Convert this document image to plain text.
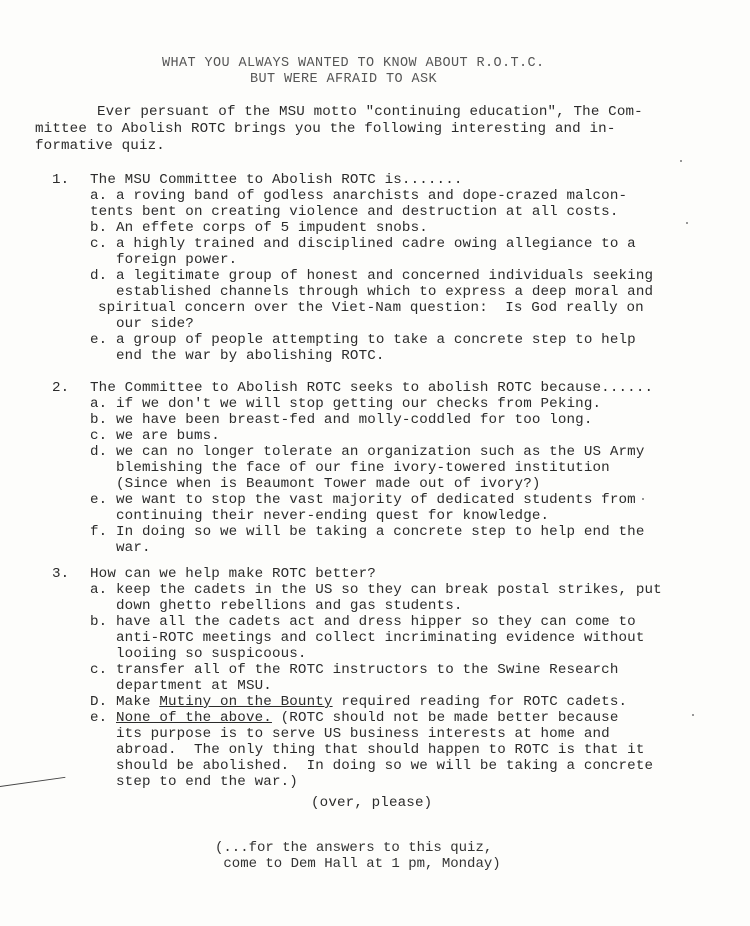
WHAT YOU ALWAYS WANTED TO KNOW ABOUT R.O.T.C.
BUT WERE AFRAID TO ASK
Ever persuant of the MSU motto "continuing education", The Com-
mittee to Abolish ROTC brings you the following interesting and in-
formative quiz.
1. The MSU Committee to Abolish ROTC is.......
a. a roving band of godless anarchists and dope-crazed malcon-
tents bent on creating violence and destruction at all costs.
b. An effete corps of 5 impudent snobs.
c. a highly trained and disciplined cadre owing allegiance to a
foreign power.
d. a legitimate group of honest and concerned individuals seeking
established channels through which to express a deep moral and
spiritual concern over the Viet-Nam question:  Is God really on
our side?
e. a group of people attempting to take a concrete step to help
end the war by abolishing ROTC.
2. The Committee to Abolish ROTC seeks to abolish ROTC because......
a. if we don't we will stop getting our checks from Peking.
b. we have been breast-fed and molly-coddled for too long.
c. we are bums.
d. we can no longer tolerate an organization such as the US Army
blemishing the face of our fine ivory-towered institution
(Since when is Beaumont Tower made out of ivory?)
e. we want to stop the vast majority of dedicated students from
continuing their never-ending quest for knowledge.
f. In doing so we will be taking a concrete step to help end the
war.
3. How can we help make ROTC better?
a. keep the cadets in the US so they can break postal strikes, put
down ghetto rebellions and gas students.
b. have all the cadets act and dress hipper so they can come to
anti-ROTC meetings and collect incriminating evidence without
looiing so suspicoous.
c. transfer all of the ROTC instructors to the Swine Research
department at MSU.
D. Make Mutiny on the Bounty required reading for ROTC cadets.
e. None of the above. (ROTC should not be made better because
its purpose is to serve US business interests at home and
abroad.  The only thing that should happen to ROTC is that it
should be abolished.  In doing so we will be taking a concrete
step to end the war.)
(over, please)
(...for the answers to this quiz,
come to Dem Hall at 1 pm, Monday)
